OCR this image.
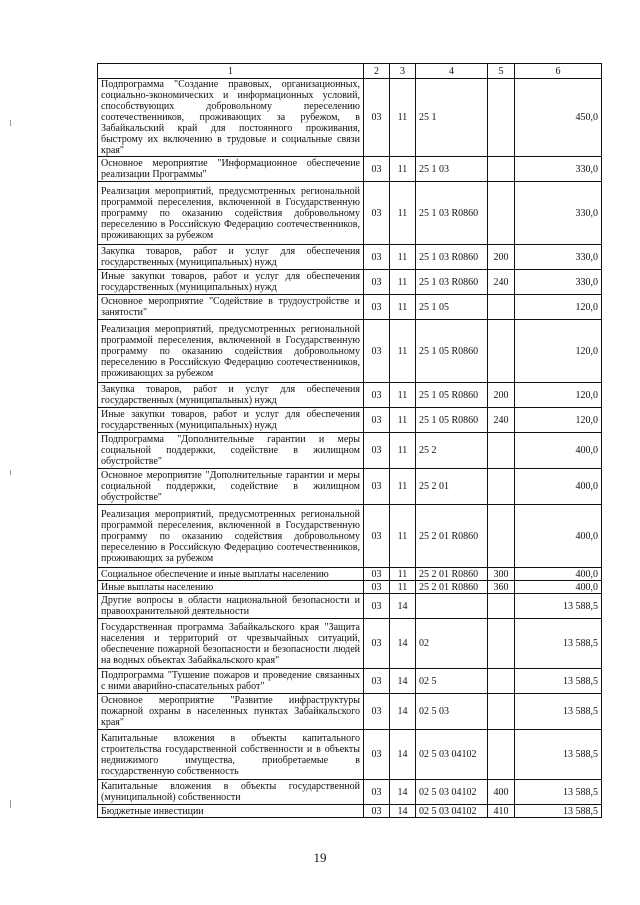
1	2	3	4	5	6
Подпрограмма "Создание правовых, организационных, социально-экономических и информационных условий, способствующих добровольному переселению соотечественников, проживающих за рубежом, в Забайкальский край для постоянного проживания, быстрому их включению в трудовые и социальные связи края"	03	11	25 1		450,0
Основное мероприятие "Информационное обеспечение реализации Программы"	03	11	25 1 03		330,0
Реализация мероприятий, предусмотренных региональной программой переселения, включенной в Государственную программу по оказанию содействия добровольному переселению в Российскую Федерацию соотечественников, проживающих за рубежом	03	11	25 1 03 R0860		330,0
Закупка товаров, работ и услуг для обеспечения государственных (муниципальных) нужд	03	11	25 1 03 R0860	200	330,0
Иные закупки товаров, работ и услуг для обеспечения государственных (муниципальных) нужд	03	11	25 1 03 R0860	240	330,0
Основное мероприятие "Содействие в трудоустройстве и занятости"	03	11	25 1 05		120,0
Реализация мероприятий, предусмотренных региональной программой переселения, включенной в Государственную программу по оказанию содействия добровольному переселению в Российскую Федерацию соотечественников, проживающих за рубежом	03	11	25 1 05 R0860		120,0
Закупка товаров, работ и услуг для обеспечения государственных (муниципальных) нужд	03	11	25 1 05 R0860	200	120,0
Иные закупки товаров, работ и услуг для обеспечения государственных (муниципальных) нужд	03	11	25 1 05 R0860	240	120,0
Подпрограмма "Дополнительные гарантии и меры социальной поддержки, содействие в жилищном обустройстве"	03	11	25 2		400,0
Основное мероприятие "Дополнительные гарантии и меры социальной поддержки, содействие в жилищном обустройстве"	03	11	25 2 01		400,0
Реализация мероприятий, предусмотренных региональной программой переселения, включенной в Государственную программу по оказанию содействия добровольному переселению в Российскую Федерацию соотечественников, проживающих за рубежом	03	11	25 2 01 R0860		400,0
Социальное обеспечение и иные выплаты населению	03	11	25 2 01 R0860	300	400,0
Иные выплаты населению	03	11	25 2 01 R0860	360	400,0
Другие вопросы в области национальной безопасности и правоохранительной деятельности	03	14			13 588,5
Государственная программа Забайкальского края "Защита населения и территорий от чрезвычайных ситуаций, обеспечение пожарной безопасности и безопасности людей на водных объектах Забайкальского края"	03	14	02		13 588,5
Подпрограмма "Тушение пожаров и проведение связанных с ними аварийно-спасательных работ"	03	14	02 5		13 588,5
Основное мероприятие "Развитие инфраструктуры пожарной охраны в населенных пунктах Забайкальского края"	03	14	02 5 03		13 588,5
Капитальные вложения в объекты капитального строительства государственной собственности и в объекты недвижимого имущества, приобретаемые в государственную собственность	03	14	02 5 03 04102		13 588,5
Капитальные вложения в объекты государственной (муниципальной) собственности	03	14	02 5 03 04102	400	13 588,5
Бюджетные инвестиции	03	14	02 5 03 04102	410	13 588,5
19
